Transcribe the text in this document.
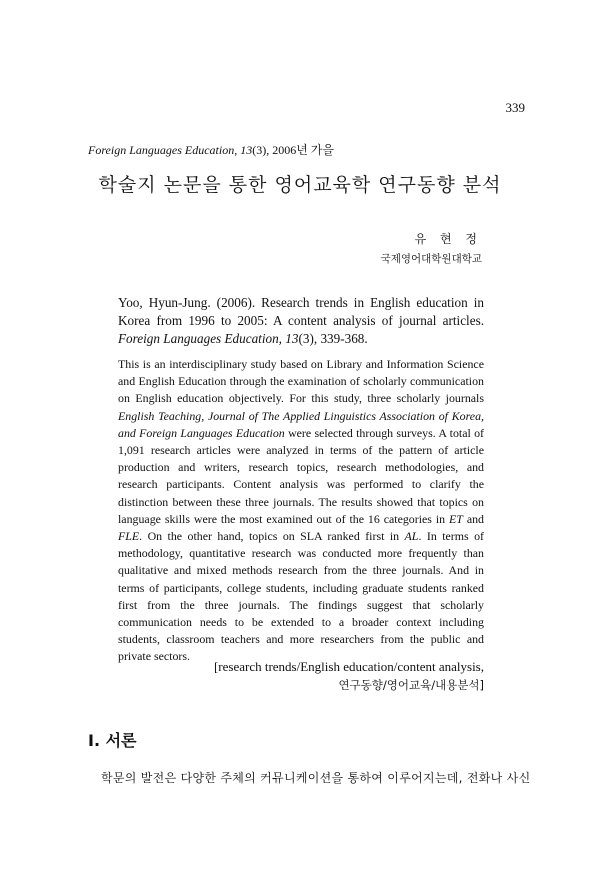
339
Foreign Languages Education, 13(3), 2006년 가을
학술지 논문을 통한 영어교육학 연구동향 분석
유 현 정
국제영어대학원대학교
Yoo, Hyun-Jung. (2006). Research trends in English education in Korea from 1996 to 2005: A content analysis of journal articles. Foreign Languages Education, 13(3), 339-368.

This is an interdisciplinary study based on Library and Information Science and English Education through the examination of scholarly communication on English education objectively. For this study, three scholarly journals English Teaching, Journal of The Applied Linguistics Association of Korea, and Foreign Languages Education were selected through surveys. A total of 1,091 research articles were analyzed in terms of the pattern of article production and writers, research topics, research methodologies, and research participants. Content analysis was performed to clarify the distinction between these three journals. The results showed that topics on language skills were the most examined out of the 16 categories in ET and FLE. On the other hand, topics on SLA ranked first in AL. In terms of methodology, quantitative research was conducted more frequently than qualitative and mixed methods research from the three journals. And in terms of participants, college students, including graduate students ranked first from the three journals. The findings suggest that scholarly communication needs to be extended to a broader context including students, classroom teachers and more researchers from the public and private sectors.

[research trends/English education/content analysis,
연구동향/영어교육/내용분석]
I. 서론
학문의 발전은 다양한 주체의 커뮤니케이션을 통하여 이루어지는데, 전화나 사신
